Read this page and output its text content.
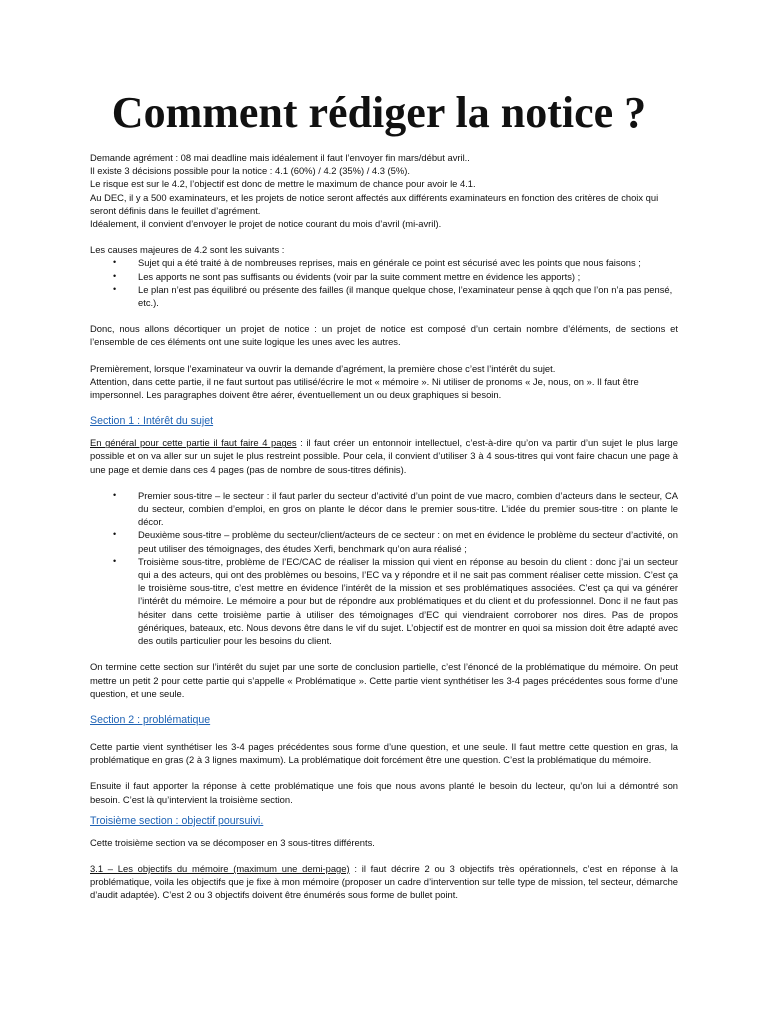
Comment rédiger la notice ?

Demande agrément : 08 mai deadline mais idéalement il faut l’envoyer fin mars/début avril..

Il existe 3 décisions possible pour la notice : 4.1 (60%) / 4.2 (35%) / 4.3 (5%).

Le risque est sur le 4.2, l’objectif est donc de mettre le maximum de chance pour avoir le 4.1.

Au DEC, il y a 500 examinateurs, et les projets de notice seront affectés aux différents examinateurs en fonction des critères de choix qui seront définis dans le feuillet d’agrément.

Idéalement, il convient d’envoyer le projet de notice courant du mois d’avril (mi-avril).

Les causes majeures de 4.2 sont les suivants :

• Sujet qui a été traité à de nombreuses reprises, mais en générale ce point est sécurisé avec les points que nous faisons ;
• Les apports ne sont pas suffisants ou évidents (voir par la suite comment mettre en évidence les apports) ;
• Le plan n’est pas équilibré ou présente des failles (il manque quelque chose, l’examinateur pense à qqch que l’on n’a pas pensé, etc.).

Donc, nous allons décortiquer un projet de notice : un projet de notice est composé d’un certain nombre d’éléments, de sections et l’ensemble de ces éléments ont une suite logique les unes avec les autres.

Premièrement, lorsque l’examinateur va ouvrir la demande d’agrément, la première chose c’est l’intérêt du sujet.

Attention, dans cette partie, il ne faut surtout pas utilisé/écrire le mot « mémoire ». Ni utiliser de pronoms « Je, nous, on ». Il faut être impersonnel. Les paragraphes doivent être aérer, éventuellement un ou deux graphiques si besoin.

Section 1 : Intérêt du sujet

En général pour cette partie il faut faire 4 pages : il faut créer un entonnoir intellectuel, c’est-à-dire qu’on va partir d’un sujet le plus large possible et on va aller sur un sujet le plus restreint possible. Pour cela, il convient d’utiliser 3 à 4 sous-titres qui vont faire chacun une page à une page et demie dans ces 4 pages (pas de nombre de sous-titres définis).

• Premier sous-titre – le secteur : il faut parler du secteur d’activité d’un point de vue macro, combien d’acteurs dans le secteur, CA du secteur, combien d’emploi, en gros on plante le décor dans le premier sous-titre. L’idée du premier sous-titre : on plante le décor.
• Deuxième sous-titre – problème du secteur/client/acteurs de ce secteur : on met en évidence le problème du secteur d’activité, on peut utiliser des témoignages, des études Xerfi, benchmark qu’on aura réalisé ;
• Troisième sous-titre, problème de l’EC/CAC de réaliser la mission qui vient en réponse au besoin du client : donc j’ai un secteur qui a des acteurs, qui ont des problèmes ou besoins, l’EC va y répondre et il ne sait pas comment réaliser cette mission. C’est ça le troisième sous-titre, c’est mettre en évidence l’intérêt de la mission et ses problématiques associées. C’est ça qui va générer l’intérêt du mémoire. Le mémoire a pour but de répondre aux problématiques et du client et du professionnel. Donc il ne faut pas hésiter dans cette troisième partie à utiliser des témoignages d’EC qui viendraient corroborer nos dires. Pas de propos génériques, bateaux, etc. Nous devons être dans le vif du sujet. L’objectif est de montrer en quoi sa mission doit être adapté avec des outils particulier pour les besoins du client.

On termine cette section sur l’intérêt du sujet par une sorte de conclusion partielle, c’est l’énoncé de la problématique du mémoire. On peut mettre un petit 2 pour cette partie qui s’appelle « Problématique ». Cette partie vient synthétiser les 3-4 pages précédentes sous forme d’une question, et une seule.

Section 2 : problématique

Cette partie vient synthétiser les 3-4 pages précédentes sous forme d’une question, et une seule. Il faut mettre cette question en gras, la problématique en gras (2 à 3 lignes maximum). La problématique doit forcément être une question. C’est la problématique du mémoire.

Ensuite il faut apporter la réponse à cette problématique une fois que nous avons planté le besoin du lecteur, qu’on lui a démontré son besoin. C’est là qu’intervient la troisième section.

Troisième section : objectif poursuivi.

Cette troisième section va se décomposer en 3 sous-titres différents.

3.1 – Les objectifs du mémoire (maximum une demi-page) : il faut décrire 2 ou 3 objectifs très opérationnels, c’est en réponse à la problématique, voila les objectifs que je fixe à mon mémoire (proposer un cadre d’intervention sur telle type de mission, tel secteur, démarche d’audit adaptée). C’est 2 ou 3 objectifs doivent être énumérés sous forme de bullet point.
